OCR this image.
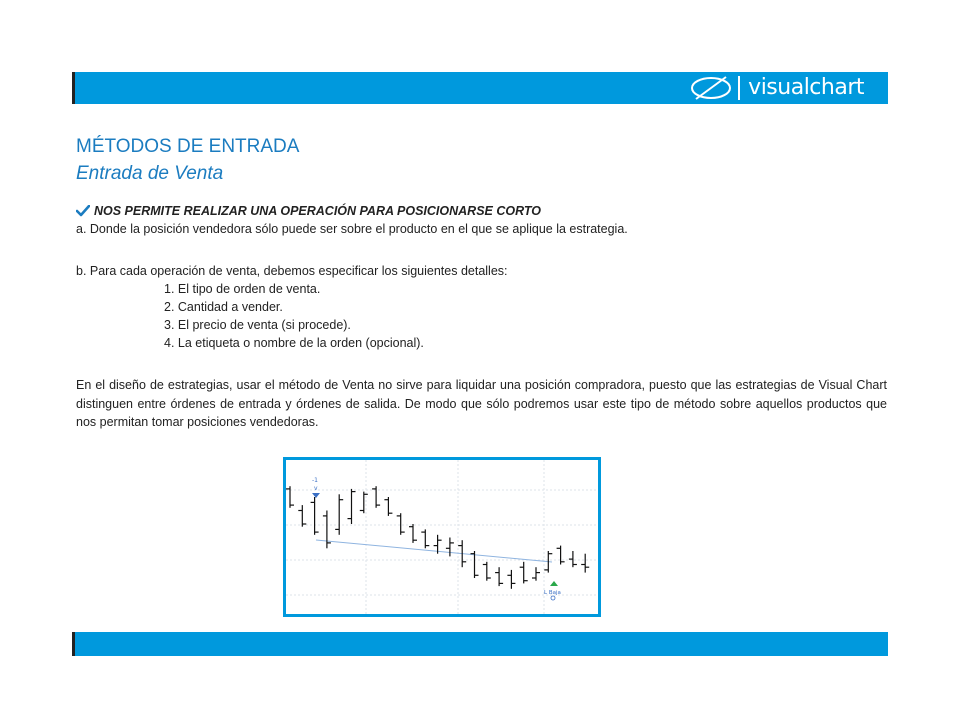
visualchart
MÉTODOS DE ENTRADA
Entrada de Venta
NOS PERMITE REALIZAR UNA OPERACIÓN PARA POSICIONARSE CORTO
a. Donde la posición vendedora sólo puede ser sobre el producto en el que se aplique la estrategia.
b. Para cada operación de venta, debemos especificar los siguientes detalles:
1. El tipo de orden de venta.
2. Cantidad a vender.
3. El precio de venta (si procede).
4. La etiqueta o nombre de la orden (opcional).
En el diseño de estrategias, usar el método de Venta no sirve para liquidar una posición compradora, puesto que las estrategias de Visual Chart distinguen entre órdenes de entrada y órdenes de salida. De modo que sólo podremos usar este tipo de método sobre aquellos productos que nos permitan tomar posiciones vendedoras.
-1
v
L Baja
